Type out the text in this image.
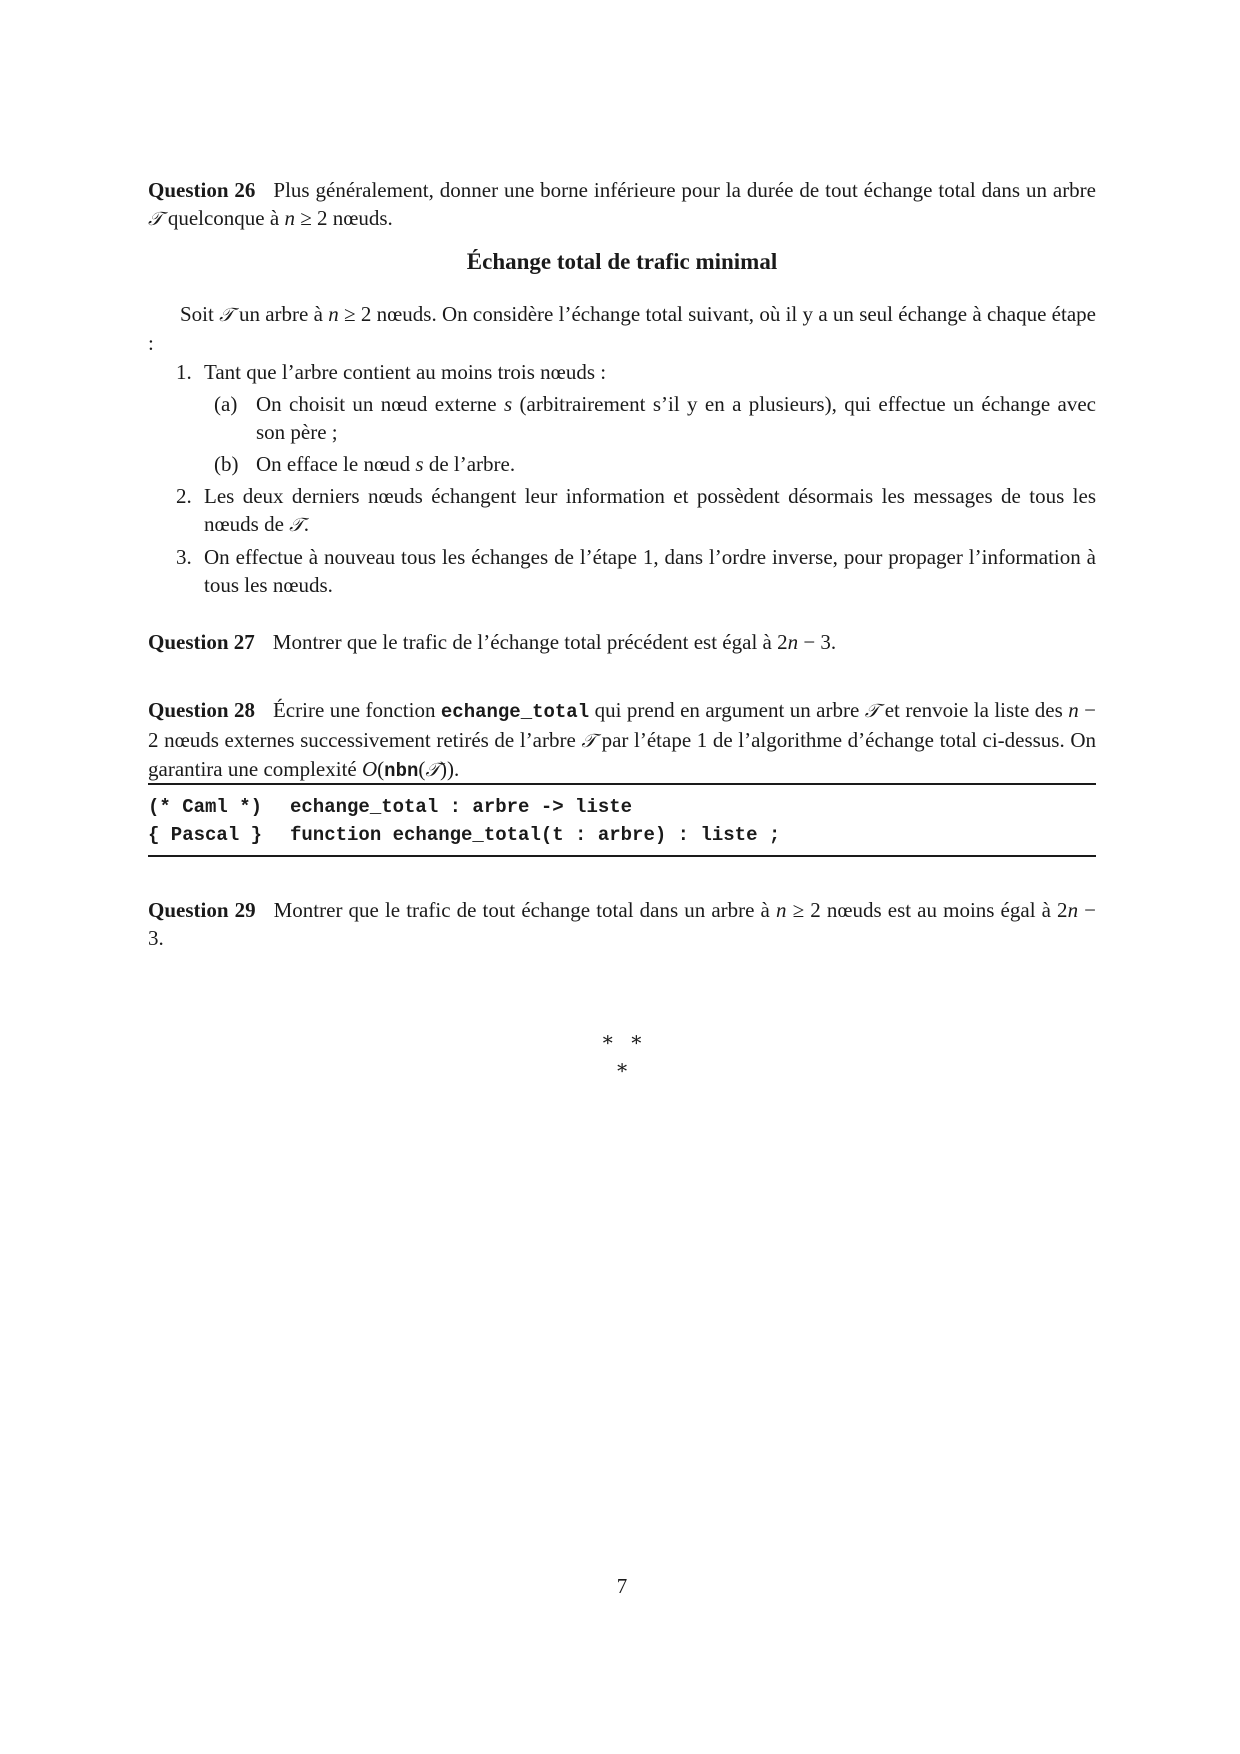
Question 26 Plus généralement, donner une borne inférieure pour la durée de tout échange total dans un arbre 𝒯 quelconque à n ≥ 2 nœuds.

Échange total de trafic minimal

Soit 𝒯 un arbre à n ≥ 2 nœuds. On considère l’échange total suivant, où il y a un seul échange à chaque étape :

1. Tant que l’arbre contient au moins trois nœuds :
(a) On choisit un nœud externe s (arbitrairement s’il y en a plusieurs), qui effectue un échange avec son père ;
(b) On efface le nœud s de l’arbre.
2. Les deux derniers nœuds échangent leur information et possèdent désormais les messages de tous les nœuds de 𝒯.
3. On effectue à nouveau tous les échanges de l’étape 1, dans l’ordre inverse, pour propager l’information à tous les nœuds.

Question 27 Montrer que le trafic de l’échange total précédent est égal à 2n − 3.

Question 28 Écrire une fonction echange_total qui prend en argument un arbre 𝒯 et renvoie la liste des n − 2 nœuds externes successivement retirés de l’arbre 𝒯 par l’étape 1 de l’algorithme d’échange total ci-dessus. On garantira une complexité O(nbn(𝒯)).

(* Caml *) echange_total : arbre -> liste
{ Pascal } function echange_total(t : arbre) : liste ;

Question 29 Montrer que le trafic de tout échange total dans un arbre à n ≥ 2 nœuds est au moins égal à 2n − 3.

∗   ∗
∗
7
